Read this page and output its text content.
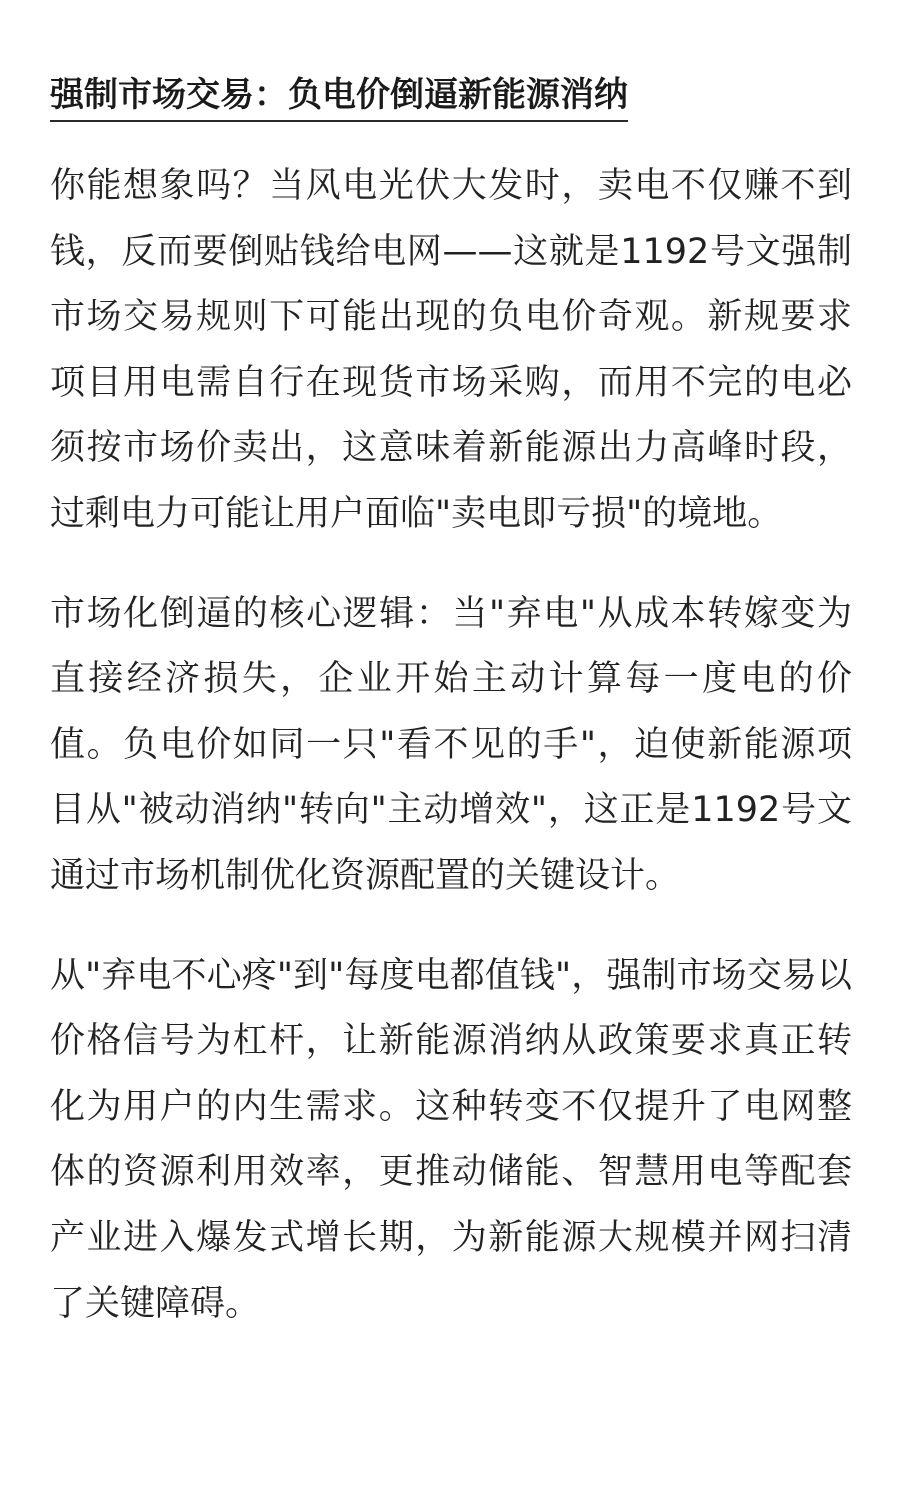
强制市场交易：负电价倒逼新能源消纳

你能想象吗？当风电光伏大发时，卖电不仅赚不到钱，反而要倒贴钱给电网——这就是1192号文强制市场交易规则下可能出现的负电价奇观。新规要求项目用电需自行在现货市场采购，而用不完的电必须按市场价卖出，这意味着新能源出力高峰时段，过剩电力可能让用户面临"卖电即亏损"的境地。

市场化倒逼的核心逻辑：当"弃电"从成本转嫁变为直接经济损失，企业开始主动计算每一度电的价值。负电价如同一只"看不见的手"，迫使新能源项目从"被动消纳"转向"主动增效"，这正是1192号文通过市场机制优化资源配置的关键设计。

从"弃电不心疼"到"每度电都值钱"，强制市场交易以价格信号为杠杆，让新能源消纳从政策要求真正转化为用户的内生需求。这种转变不仅提升了电网整体的资源利用效率，更推动储能、智慧用电等配套产业进入爆发式增长期，为新能源大规模并网扫清了关键障碍。
